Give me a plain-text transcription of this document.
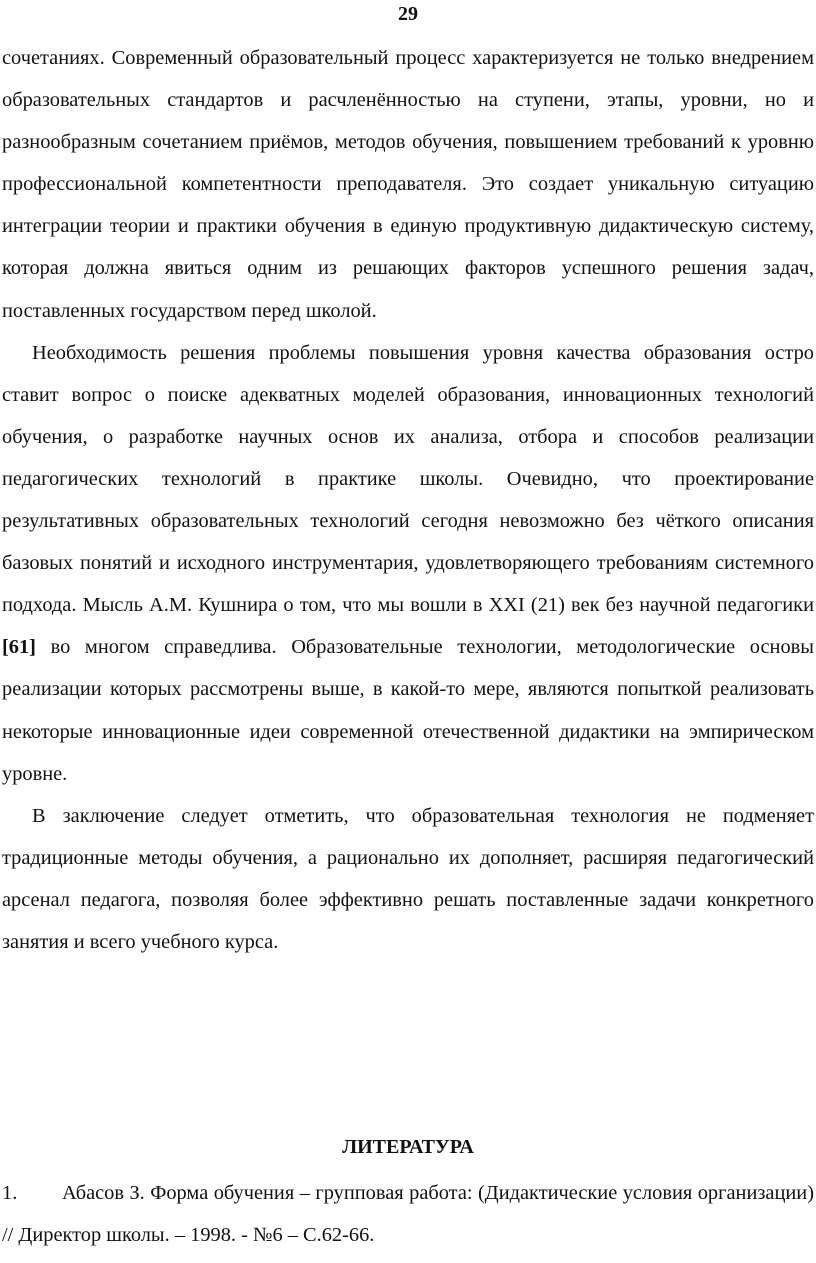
29

сочетаниях. Современный образовательный процесс характеризуется не только внедрением образовательных стандартов и расчленённостью на ступени, этапы, уровни, но и разнообразным сочетанием приёмов, методов обучения, повышением требований к уровню профессиональной компетентности преподавателя. Это создает уникальную ситуацию интеграции теории и практики обучения в единую продуктивную дидактическую систему, которая должна явиться одним из решающих факторов успешного решения задач, поставленных государством перед школой.

Необходимость решения проблемы повышения уровня качества образования остро ставит вопрос о поиске адекватных моделей образования, инновационных технологий обучения, о разработке научных основ их анализа, отбора и способов реализации педагогических технологий в практике школы. Очевидно, что проектирование результативных образовательных технологий сегодня невозможно без чёткого описания базовых понятий и исходного инструментария, удовлетворяющего требованиям системного подхода. Мысль А.М. Кушнира о том, что мы вошли в XXI (21) век без научной педагогики [61] во многом справедлива. Образовательные технологии, методологические основы реализации которых рассмотрены выше, в какой-то мере, являются попыткой реализовать некоторые инновационные идеи современной отечественной дидактики на эмпирическом уровне.

В заключение следует отметить, что образовательная технология не подменяет традиционные методы обучения, а рационально их дополняет, расширяя педагогический арсенал педагога, позволяя более эффективно решать поставленные задачи конкретного занятия и всего учебного курса.

ЛИТЕРАТУРА

1. Абасов З. Форма обучения – групповая работа: (Дидактические условия организации) // Директор школы. – 1998. - №6 – С.62-66.
